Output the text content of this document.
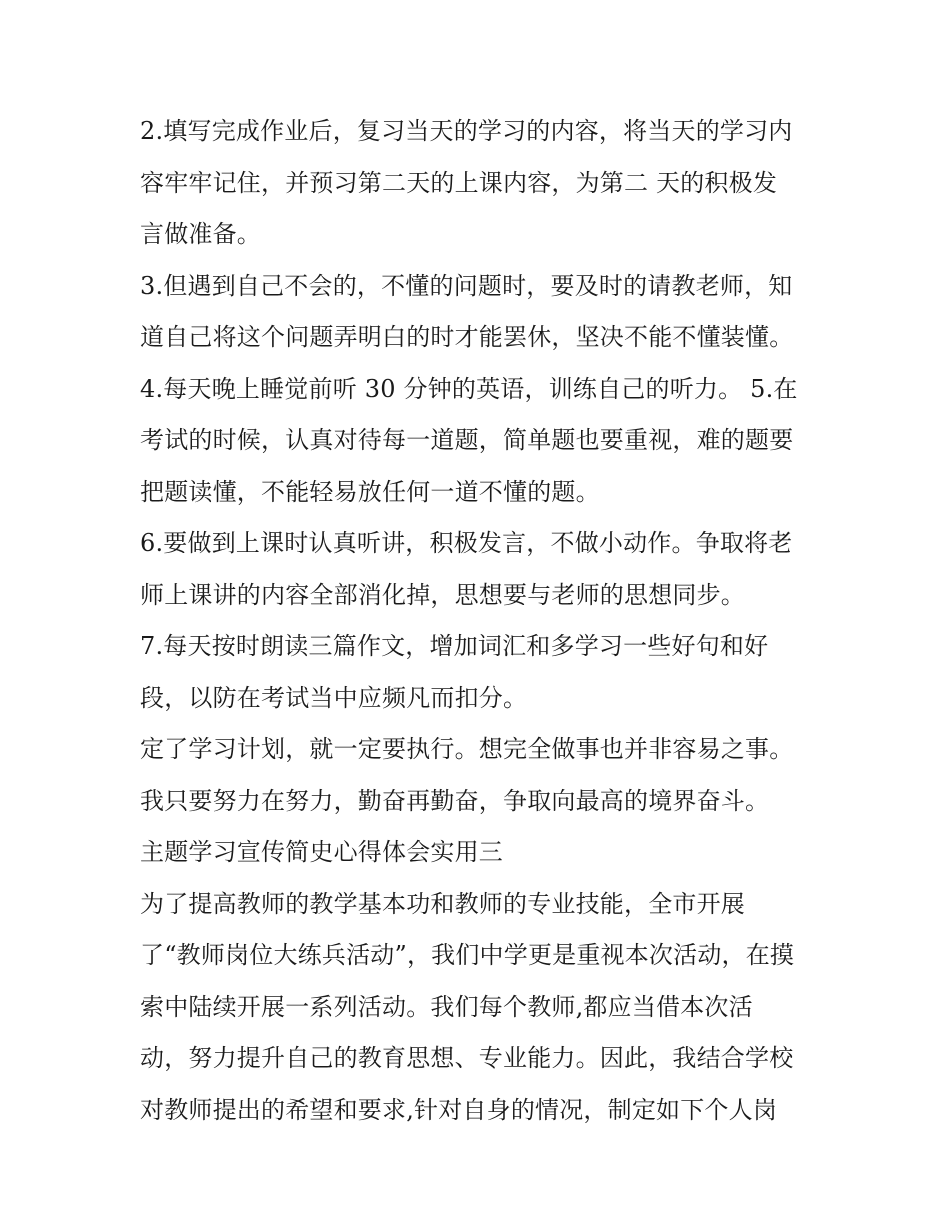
2.填写完成作业后，复习当天的学习的内容，将当天的学习内
容牢牢记住，并预习第二天的上课内容，为第二 天的积极发
言做准备。
3.但遇到自己不会的，不懂的问题时，要及时的请教老师，知
道自己将这个问题弄明白的时才能罢休，坚决不能不懂装懂。
4.每天晚上睡觉前听 30 分钟的英语，训练自己的听力。 5.在
考试的时候，认真对待每一道题，简单题也要重视，难的题要
把题读懂，不能轻易放任何一道不懂的题。
6.要做到上课时认真听讲，积极发言，不做小动作。争取将老
师上课讲的内容全部消化掉，思想要与老师的思想同步。
7.每天按时朗读三篇作文，增加词汇和多学习一些好句和好
段，以防在考试当中应频凡而扣分。
定了学习计划，就一定要执行。想完全做事也并非容易之事。
我只要努力在努力，勤奋再勤奋，争取向最高的境界奋斗。
主题学习宣传简史心得体会实用三
为了提高教师的教学基本功和教师的专业技能，全市开展
了“教师岗位大练兵活动”，我们中学更是重视本次活动，在摸
索中陆续开展一系列活动。我们每个教师,都应当借本次活
动，努力提升自己的教育思想、专业能力。因此，我结合学校
对教师提出的希望和要求,针对自身的情况，制定如下个人岗
